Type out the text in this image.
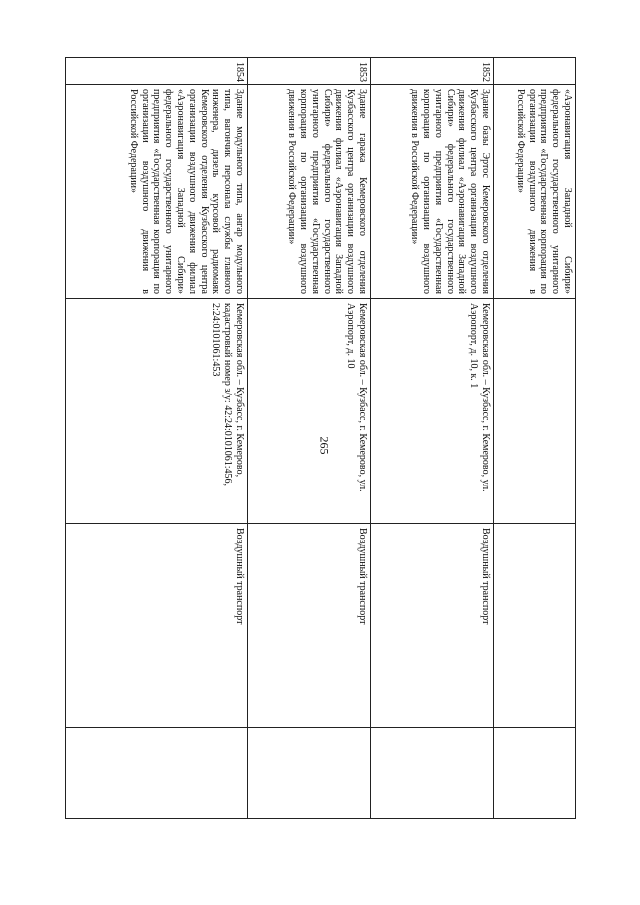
265

	«Аэронавигация Западной Сибири» федерального государственного унитарного предприятия «Государственная корпорация по организации воздушного движения в Российской Федерации»			

1852	Здание базы Эртос Кемеровского отделения Кузбасского центра организации воздушного движения филиал «Аэронавигация Западной Сибири» федерального государственного унитарного предприятия «Государственная корпорация по организации воздушного движения в Российской Федерации»	Кемеровская обл. – Кузбасс, г. Кемерово, ул. Аэропорт, д. 10, к. 1	Воздушный транспорт	
1853	Здание гаража Кемеровского отделения Кузбасского центра организации воздушного движения филиал «Аэронавигация Западной Сибири» федерального государственного унитарного предприятия «Государственная корпорация по организации воздушного движения в Российской Федерации»	Кемеровская обл. – Кузбасс, г. Кемерово, ул. Аэропорт, д. 10	Воздушный транспорт	
1854	Здание модульного типа, ангар модульного типа, вагончик персонала службы главного инженера, дизель курсовой радиомаяк Кемеровского отделения Кузбасского центра организации воздушного движения филиал «Аэронавигация Западной Сибири» федерального государственного унитарного предприятия «Государственная корпорация по организации воздушного движения в Российской Федерации»	Кемеровская обл. – Кузбасс, г. Кемерово, кадастровый номер з/у: 42:24:0101061:456, 2:24:0101061:453	Воздушный транспорт	
